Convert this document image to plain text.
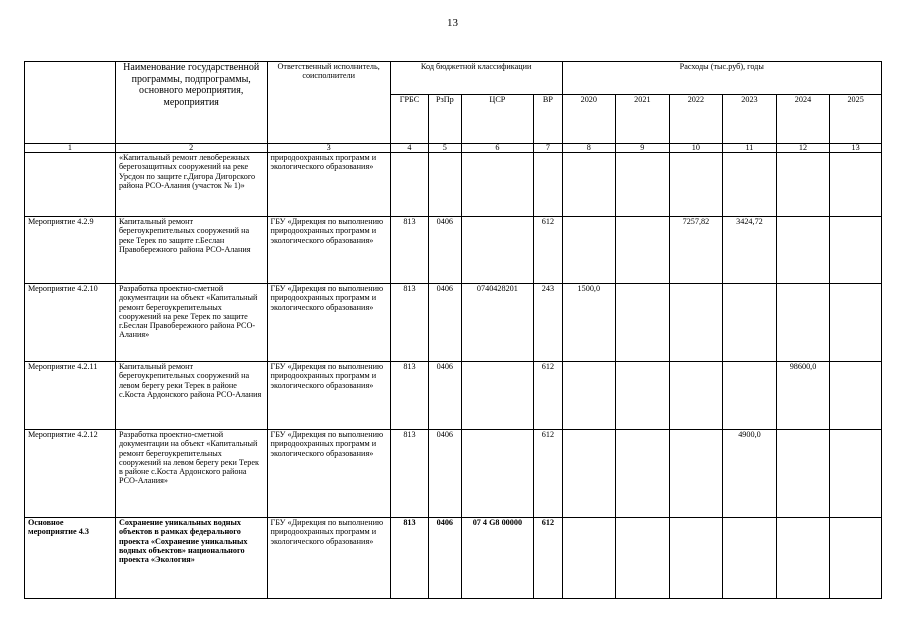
13
	Наименование государственной программы, подпрограммы, основного мероприятия, мероприятия	Ответственный исполнитель, соисполнители	Код бюджетной классификации				Расходы (тыс.руб), годы					
			ГРБС	РзПр	ЦСР	ВР	2020	2021	2022	2023	2024	2025
1	2	3	4	5	6	7	8	9	10	11	12	13
	«Капитальный ремонт левобережных берегозащитных сооружений на реке Урсдон по защите г.Дигора Дигорского района РСО-Алания (участок № 1)»	природоохранных программ и экологического образования»										
Мероприятие 4.2.9	Капитальный ремонт берегоукрепительных сооружений на реке Терек по защите г.Беслан Правобережного района РСО-Алания	ГБУ «Дирекция по выполнению природоохранных программ и экологического образования»	813	0406		612			7257,82	3424,72		
Мероприятие 4.2.10	Разработка проектно-сметной документации на объект «Капитальный ремонт берегоукрепительных сооружений на реке Терек по защите г.Беслан Правобережного района РСО-Алания»	ГБУ «Дирекция по выполнению природоохранных программ и экологического образования»	813	0406	0740428201	243	1500,0					
Мероприятие 4.2.11	Капитальный ремонт берегоукрепительных сооружений на левом берегу реки Терек в районе с.Коста Ардонского района РСО-Алания	ГБУ «Дирекция по выполнению природоохранных программ и экологического образования»	813	0406		612					98600,0	
Мероприятие 4.2.12	Разработка проектно-сметной документации на объект «Капитальный ремонт берегоукрепительных сооружений на левом берегу реки Терек в районе с.Коста Ардонского района РСО-Алания»	ГБУ «Дирекция по выполнению природоохранных программ и экологического образования»	813	0406		612				4900,0		
Основное мероприятие 4.3	Сохранение уникальных водных объектов в рамках федерального проекта «Сохранение уникальных водных объектов» национального проекта «Экология»	ГБУ «Дирекция по выполнению природоохранных программ и экологического образования»	813	0406	07 4 G8 00000	612						
